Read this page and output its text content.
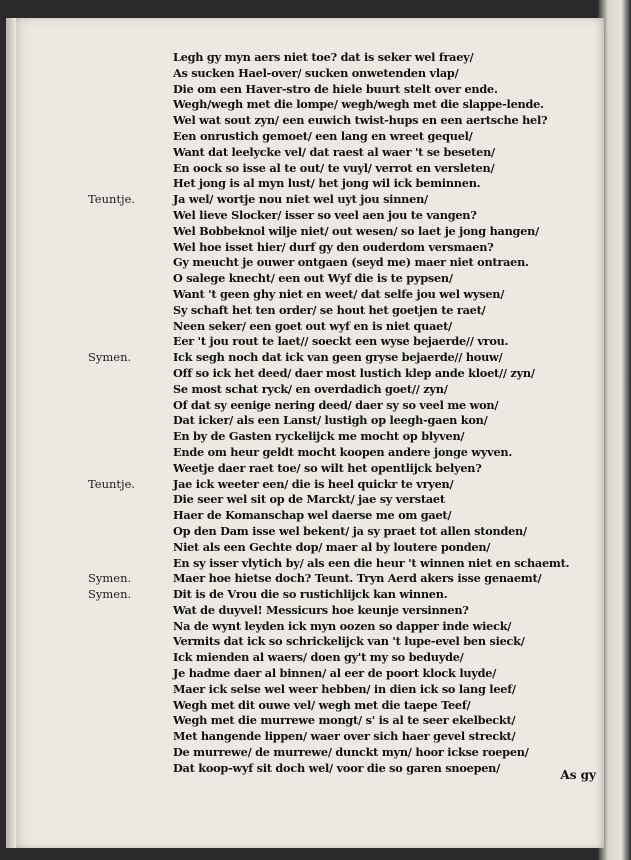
Legh gy myn aers niet toe? dat is seker wel fraey/
As sucken Hael-over/ sucken onwetenden vlap/
Die om een Haver-stro de hiele buurt stelt over ende.
Wegh/wegh met die lompe/ wegh/wegh met die slappe-lende.
Wel wat sout zyn/ een euwich twist-hups en een aertsche hel?
Een onrustich gemoet/ een lang en wreet gequel/
Want dat leelycke vel/ dat raest al waer 't se beseten/
En oock so isse al te out/ te vuyl/ verrot en versleten/
Het jong is al myn lust/ het jong wil ick beminnen.
Teuntje.	Ja wel/ wortje nou niet wel uyt jou sinnen/
Wel lieve Slocker/ isser so veel aen jou te vangen?
Wel Bobbeknol wilje niet/ out wesen/ so laet je jong hangen/
Wel hoe isset hier/ durf gy den ouderdom versmaen?
Gy meucht je ouwer ontgaen (seyd me) maer niet ontraen.
O salege knecht/ een out Wyf die is te pypsen/
Want 't geen ghy niet en weet/ dat selfe jou wel wysen/
Sy schaft het ten order/ se hout het goetjen te raet/
Neen seker/ een goet out wyf en is niet quaet/
Eer 't jou rout te laet// soeckt een wyse bejaerde// vrou.
Symen.	Ick segh noch dat ick van geen gryse bejaerde// houw/
Off so ick het deed/ daer most lustich klep ande kloet// zyn/
Se most schat ryck/ en overdadich goet// zyn/
Of dat sy eenige nering deed/ daer sy so veel me won/
Dat icker/ als een Lanst/ lustigh op leegh-gaen kon/
En by de Gasten ryckelijck me mocht op blyven/
Ende om heur geldt mocht koopen andere jonge wyven.
Weetje daer raet toe/ so wilt het opentlijck belyen?
Teuntje.	Jae ick weeter een/ die is heel quickr te vryen/
Die seer wel sit op de Marckt/ jae sy verstaet
Haer de Komanschap wel daerse me om gaet/
Op den Dam isse wel bekent/ ja sy praet tot allen stonden/
Niet als een Gechte dop/ maer al by loutere ponden/
En sy isser vlytich by/ als een die heur 't winnen niet en schaemt.
Symen.	Maer hoe hietse doch? Teunt. Tryn Aerd akers isse genaemt/
Symen.	Dit is de Vrou die so rustichlijck kan winnen.
Wat de duyvel! Messicurs hoe keunje versinnen?
Na de wynt leyden ick myn oozen so dapper inde wieck/
Vermits dat ick so schrickelijck van 't lupe-evel ben sieck/
Ick mienden al waers/ doen gy't my so beduyde/
Je hadme daer al binnen/ al eer de poort klock luyde/
Maer ick selse wel weer hebben/ in dien ick so lang leef/
Wegh met dit ouwe vel/ wegh met die taepe Teef/
Wegh met die murrewe mongt/ s' is al te seer ekelbeckt/
Met hangende lippen/ waer over sich haer gevel streckt/
De murrewe/ de murrewe/ dunckt myn/ hoor ickse roepen/
Dat koop-wyf sit doch wel/ voor die so garen snoepen/
As gy
